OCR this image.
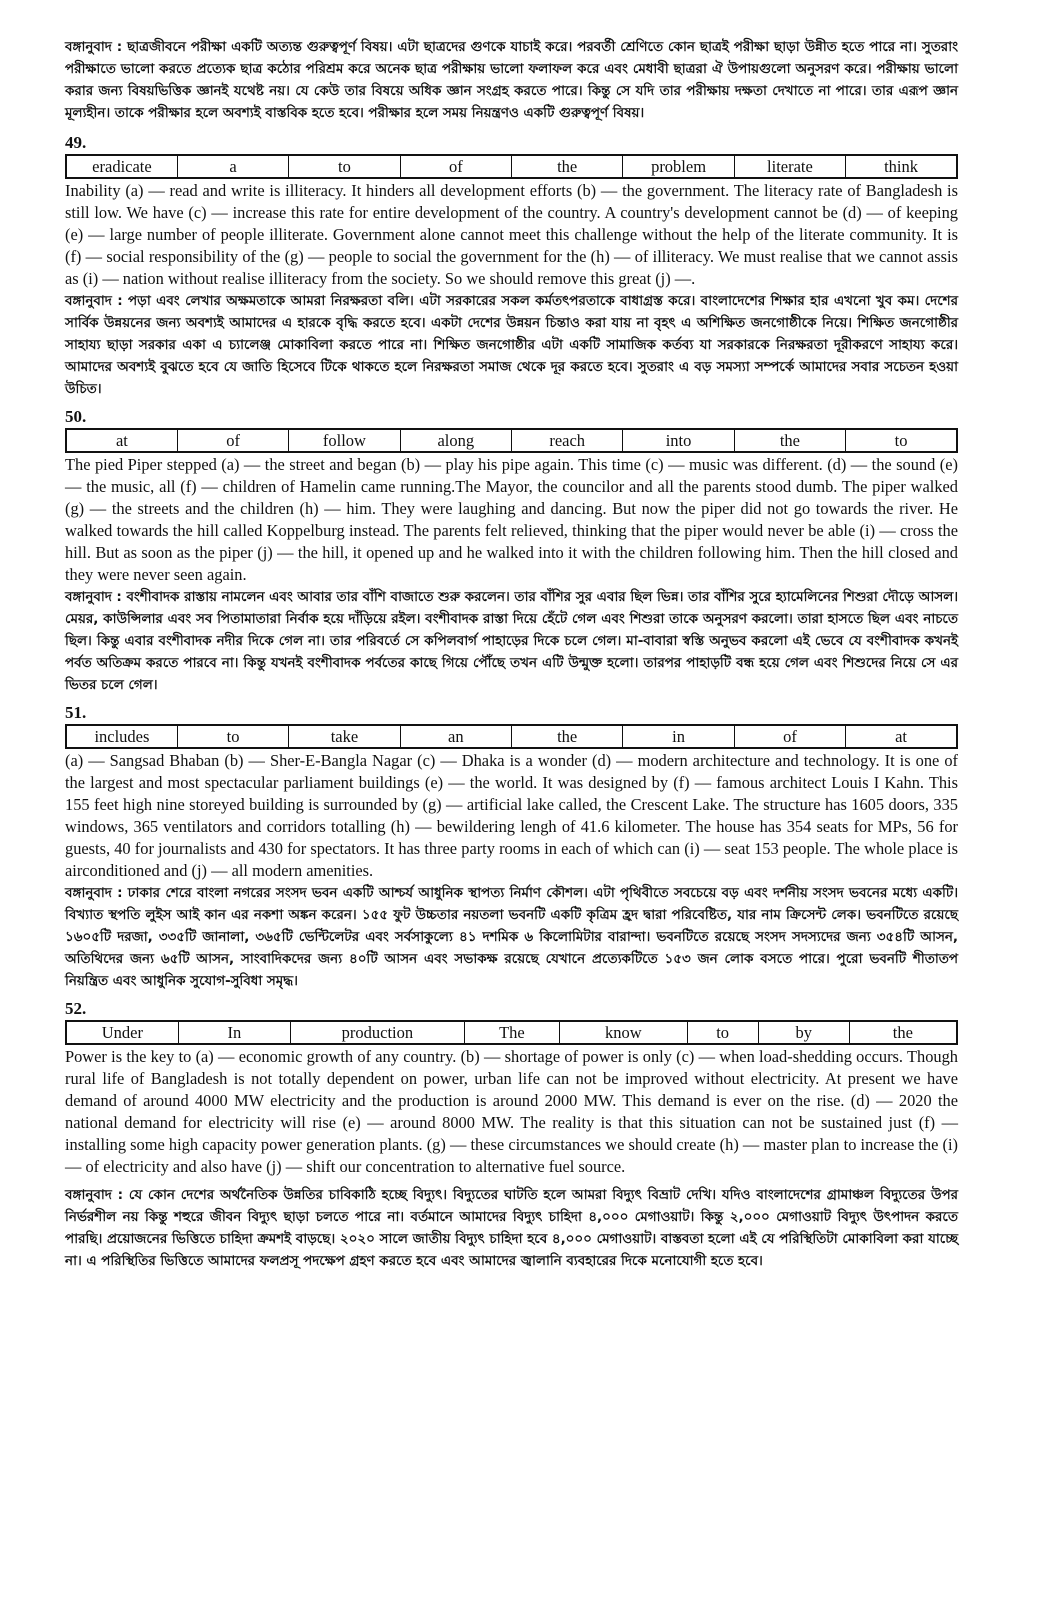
বঙ্গানুবাদ : ছাত্রজীবনে পরীক্ষা একটি অত্যন্ত গুরুত্বপূর্ণ বিষয়। এটা ছাত্রদের গুণকে যাচাই করে। পরবর্তী শ্রেণিতে কোন ছাত্রই পরীক্ষা ছাড়া উন্নীত হতে পারে না। সুতরাং পরীক্ষাতে ভালো করতে প্রত্যেক ছাত্র কঠোর পরিশ্রম করে অনেক ছাত্র পরীক্ষায় ভালো ফলাফল করে এবং মেধাবী ছাত্ররা ঐ উপায়গুলো অনুসরণ করে। পরীক্ষায় ভালো করার জন্য বিষয়ভিত্তিক জ্ঞানই যথেষ্ট নয়। যে কেউ তার বিষয়ে অধিক জ্ঞান সংগ্রহ করতে পারে। কিন্তু সে যদি তার পরীক্ষায় দক্ষতা দেখাতে না পারে। তার এরূপ জ্ঞান মূল্যহীন। তাকে পরীক্ষার হলে অবশ্যই বাস্তবিক হতে হবে। পরীক্ষার হলে সময় নিয়ন্ত্রণও একটি গুরুত্বপূর্ণ বিষয়।
49.
eradicate	a	to	of	the	problem	literate	think
Inability (a) — read and write is illiteracy. It hinders all development efforts (b) — the government. The literacy rate of Bangladesh is still low. We have (c) — increase this rate for entire development of the country. A country's development cannot be (d) — of keeping (e) — large number of people illiterate. Government alone cannot meet this challenge without the help of the literate community. It is (f) — social responsibility of the (g) — people to social the government for the (h) — of illiteracy. We must realise that we cannot assis as (i) — nation without realise illiteracy from the society. So we should remove this great (j) —.
বঙ্গানুবাদ : পড়া এবং লেখার অক্ষমতাকে আমরা নিরক্ষরতা বলি। এটা সরকারের সকল কর্মতৎপরতাকে বাধাগ্রস্ত করে। বাংলাদেশের শিক্ষার হার এখনো খুব কম। দেশের সার্বিক উন্নয়নের জন্য অবশ্যই আমাদের এ হারকে বৃদ্ধি করতে হবে। একটা দেশের উন্নয়ন চিন্তাও করা যায় না বৃহৎ এ অশিক্ষিত জনগোষ্ঠীকে নিয়ে। শিক্ষিত জনগোষ্ঠীর সাহায্য ছাড়া সরকার একা এ চ্যালেঞ্জ মোকাবিলা করতে পারে না। শিক্ষিত জনগোষ্ঠীর এটা একটি সামাজিক কর্তব্য যা সরকারকে নিরক্ষরতা দূরীকরণে সাহায্য করে। আমাদের অবশ্যই বুঝতে হবে যে জাতি হিসেবে টিকে থাকতে হলে নিরক্ষরতা সমাজ থেকে দূর করতে হবে। সুতরাং এ বড় সমস্যা সম্পর্কে আমাদের সবার সচেতন হওয়া উচিত।
50.
at	of	follow	along	reach	into	the	to
The pied Piper stepped (a) — the street and began (b) — play his pipe again. This time (c) — music was different. (d) — the sound (e) — the music, all (f) — children of Hamelin came running.The Mayor, the councilor and all the parents stood dumb. The piper walked (g) — the streets and the children (h) — him. They were laughing and dancing. But now the piper did not go towards the river. He walked towards the hill called Koppelburg instead. The parents felt relieved, thinking that the piper would never be able (i) — cross the hill. But as soon as the piper (j) — the hill, it opened up and he walked into it with the children following him. Then the hill closed and they were never seen again.
বঙ্গানুবাদ : বংশীবাদক রাস্তায় নামলেন এবং আবার তার বাঁশি বাজাতে শুরু করলেন। তার বাঁশির সুর এবার ছিল ভিন্ন। তার বাঁশির সুরে হ্যামেলিনের শিশুরা দৌড়ে আসল। মেয়র, কাউন্সিলার এবং সব পিতামাতারা নির্বাক হয়ে দাঁড়িয়ে রইল। বংশীবাদক রাস্তা দিয়ে হেঁটে গেল এবং শিশুরা তাকে অনুসরণ করলো। তারা হাসতে ছিল এবং নাচতে ছিল। কিন্তু এবার বংশীবাদক নদীর দিকে গেল না। তার পরিবর্তে সে কপিলবার্গ পাহাড়ের দিকে চলে গেল। মা-বাবারা স্বস্তি অনুভব করলো এই ভেবে যে বংশীবাদক কখনই পর্বত অতিক্রম করতে পারবে না। কিন্তু যখনই বংশীবাদক পর্বতের কাছে গিয়ে পৌঁছে তখন এটি উন্মুক্ত হলো। তারপর পাহাড়টি বন্ধ হয়ে গেল এবং শিশুদের নিয়ে সে এর ভিতর চলে গেল।
51.
includes	to	take	an	the	in	of	at
(a) — Sangsad Bhaban (b) — Sher-E-Bangla Nagar (c) — Dhaka is a wonder (d) — modern architecture and technology. It is one of the largest and most spectacular parliament buildings (e) — the world. It was designed by (f) — famous architect Louis I Kahn. This 155 feet high nine storeyed building is surrounded by (g) — artificial lake called, the Crescent Lake. The structure has 1605 doors, 335 windows, 365 ventilators and corridors totalling (h) — bewildering lengh of 41.6 kilometer. The house has 354 seats for MPs, 56 for guests, 40 for journalists and 430 for spectators. It has three party rooms in each of which can (i) — seat 153 people. The whole place is airconditioned and (j) — all modern amenities.
বঙ্গানুবাদ : ঢাকার শেরে বাংলা নগরের সংসদ ভবন একটি আশ্চর্য আধুনিক স্থাপত্য নির্মাণ কৌশল। এটা পৃথিবীতে সবচেয়ে বড় এবং দর্শনীয় সংসদ ভবনের মধ্যে একটি। বিখ্যাত স্থপতি লুইস আই কান এর নকশা অঙ্কন করেন। ১৫৫ ফুট উচ্চতার নয়তলা ভবনটি একটি কৃত্রিম হ্রদ দ্বারা পরিবেষ্টিত, যার নাম ক্রিসেন্ট লেক। ভবনটিতে রয়েছে ১৬০৫টি দরজা, ৩৩৫টি জানালা, ৩৬৫টি ভেন্টিলেটর এবং সর্বসাকুল্যে ৪১ দশমিক ৬ কিলোমিটার বারান্দা। ভবনটিতে রয়েছে সংসদ সদস্যদের জন্য ৩৫৪টি আসন, অতিথিদের জন্য ৬৫টি আসন, সাংবাদিকদের জন্য ৪০টি আসন এবং সভাকক্ষ রয়েছে যেখানে প্রত্যেকটিতে ১৫৩ জন লোক বসতে পারে। পুরো ভবনটি শীতাতপ নিয়ন্ত্রিত এবং আধুনিক সুযোগ-সুবিধা সমৃদ্ধ।
52.
Under	In	production	The	know	to	by	the
Power is the key to (a) — economic growth of any country. (b) — shortage of power is only (c) — when load-shedding occurs. Though rural life of Bangladesh is not totally dependent on power, urban life can not be improved without electricity. At present we have demand of around 4000 MW electricity and the production is around 2000 MW. This demand is ever on the rise. (d) — 2020 the national demand for electricity will rise (e) — around 8000 MW. The reality is that this situation can not be sustained just (f) — installing some high capacity power generation plants. (g) — these circumstances we should create (h) — master plan to increase the (i) — of electricity and also have (j) — shift our concentration to alternative fuel source.
বঙ্গানুবাদ : যে কোন দেশের অর্থনৈতিক উন্নতির চাবিকাঠি হচ্ছে বিদ্যুৎ। বিদ্যুতের ঘাটতি হলে আমরা বিদ্যুৎ বিভ্রাট দেখি। যদিও বাংলাদেশের গ্রামাঞ্চল বিদ্যুতের উপর নির্ভরশীল নয় কিন্তু শহুরে জীবন বিদ্যুৎ ছাড়া চলতে পারে না। বর্তমানে আমাদের বিদ্যুৎ চাহিদা ৪,০০০ মেগাওয়াট। কিন্তু ২,০০০ মেগাওয়াট বিদ্যুৎ উৎপাদন করতে পারছি। প্রয়োজনের ভিত্তিতে চাহিদা ক্রমশই বাড়ছে। ২০২০ সালে জাতীয় বিদ্যুৎ চাহিদা হবে ৪,০০০ মেগাওয়াট। বাস্তবতা হলো এই যে পরিস্থিতিটা মোকাবিলা করা যাচ্ছে না। এ পরিস্থিতির ভিত্তিতে আমাদের ফলপ্রসূ পদক্ষেপ গ্রহণ করতে হবে এবং আমাদের জ্বালানি ব্যবহারের দিকে মনোযোগী হতে হবে।
